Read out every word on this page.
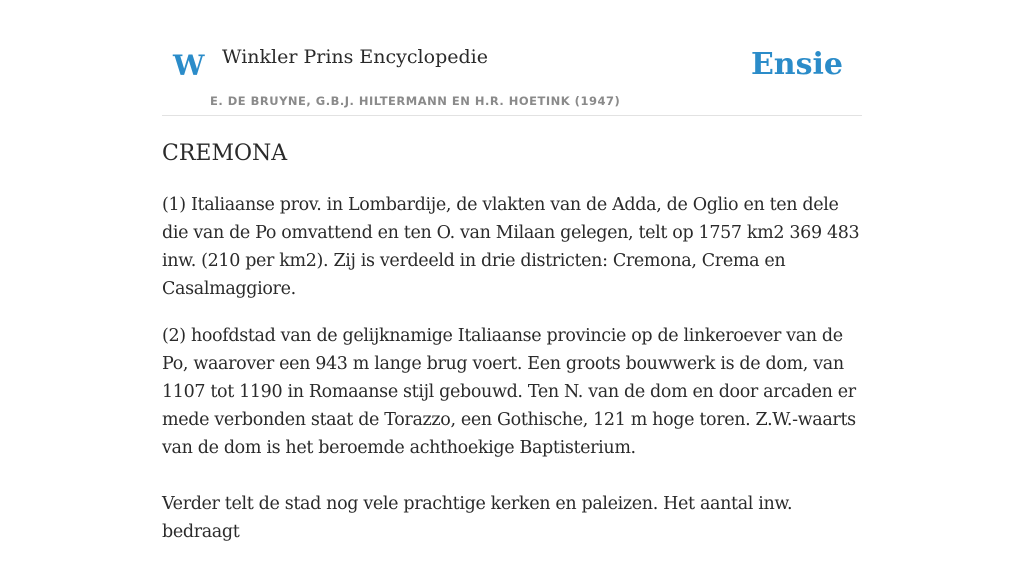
W Winkler Prins Encyclopedie
E. DE BRUYNE, G.B.J. HILTERMANN EN H.R. HOETINK (1947)
Ensie
CREMONA

(1) Italiaanse prov. in Lombardije, de vlakten van de Adda, de Oglio en ten dele die van de Po omvattend en ten O. van Milaan gelegen, telt op 1757 km2 369 483 inw. (210 per km2). Zij is verdeeld in drie districten: Cremona, Crema en Casalmaggiore.

(2) hoofdstad van de gelijknamige Italiaanse provincie op de linkeroever van de Po, waarover een 943 m lange brug voert. Een groots bouwwerk is de dom, van 1107 tot 1190 in Romaanse stijl gebouwd. Ten N. van de dom en door arcaden er mede verbonden staat de Torazzo, een Gothische, 121 m hoge toren. Z.W.-waarts van de dom is het beroemde achthoekige Baptisterium.

Verder telt de stad nog vele prachtige kerken en paleizen. Het aantal inw. bedraagt
